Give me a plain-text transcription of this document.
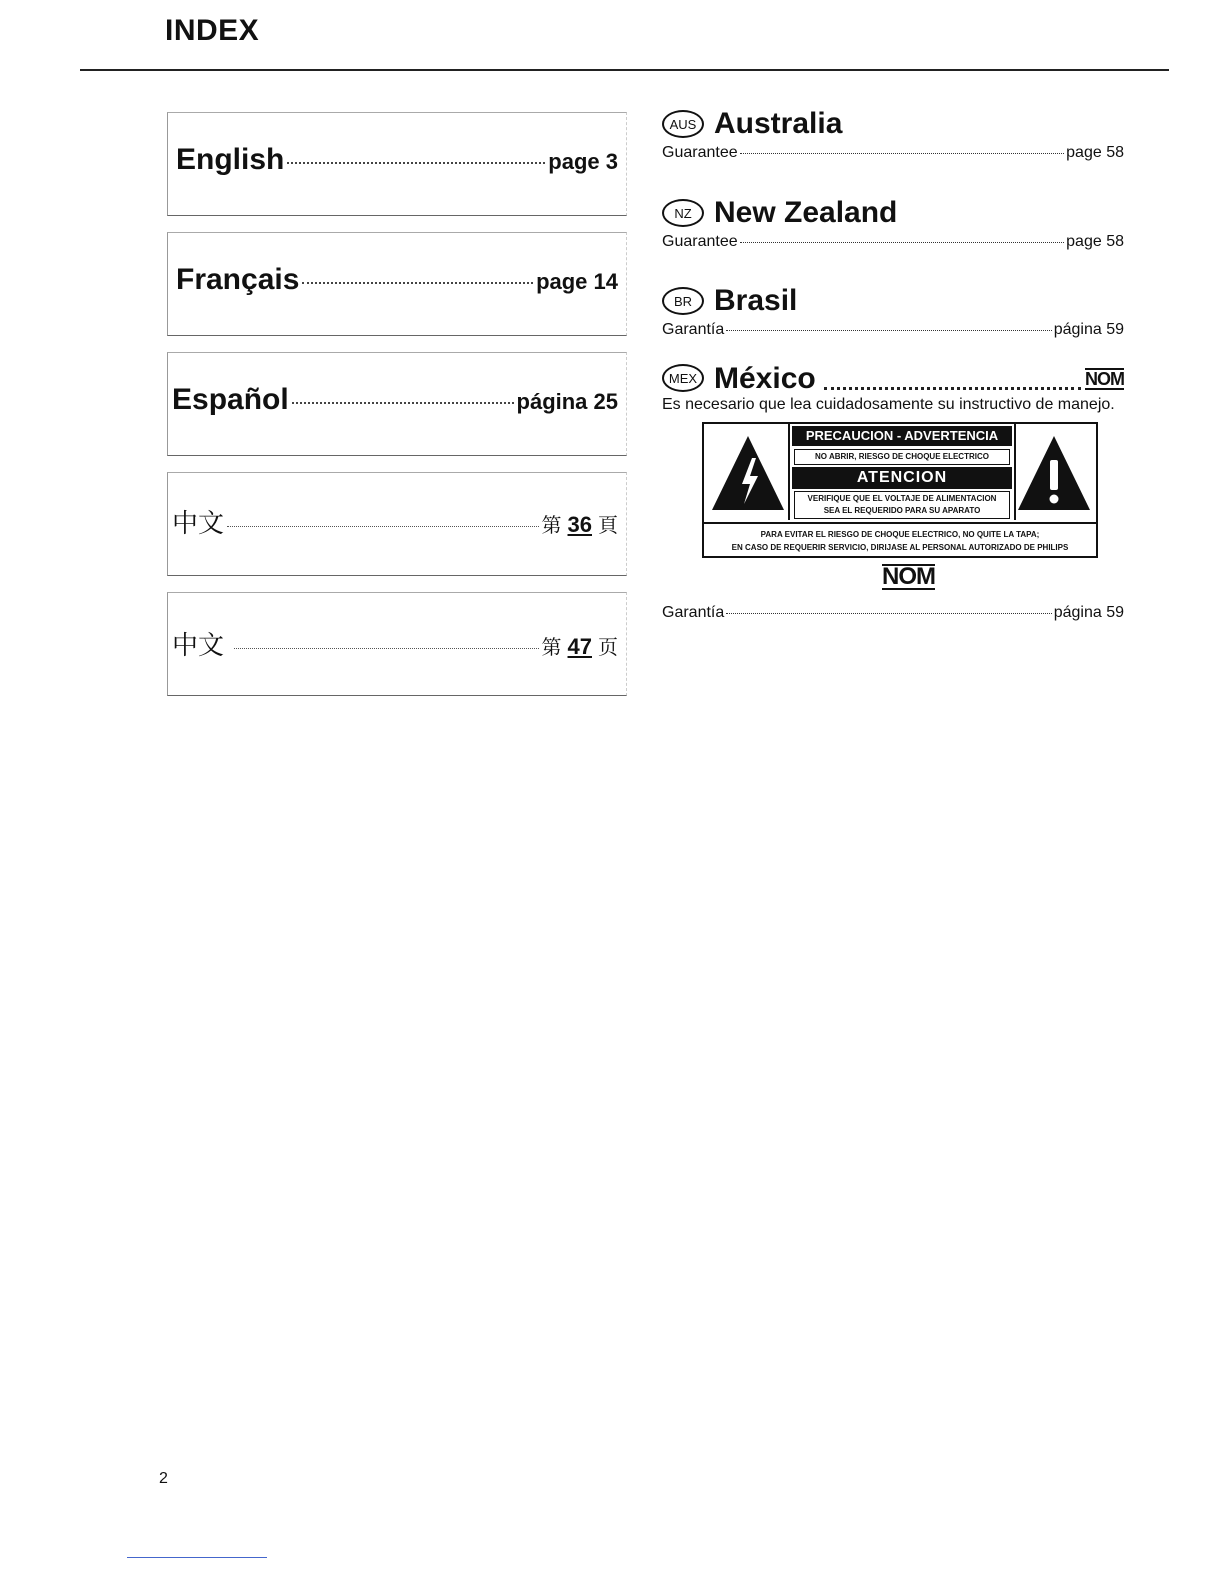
INDEX
English	page 3
Français	page 14
Español	página 25
中文	第 36 頁
中文	第 47 页
AUS Australia
Guarantee	page 58
NZ New Zealand
Guarantee	page 58
BR Brasil
Garantía	página 59
MEX México	NOM
Es necesario que lea cuidadosamente su instructivo de manejo.
PRECAUCION - ADVERTENCIA
NO ABRIR, RIESGO DE CHOQUE ELECTRICO
ATENCION
VERIFIQUE QUE EL VOLTAJE DE ALIMENTACION
SEA EL REQUERIDO PARA SU APARATO
PARA EVITAR EL RIESGO DE CHOQUE ELECTRICO, NO QUITE LA TAPA;
EN CASO DE REQUERIR SERVICIO, DIRIJASE AL PERSONAL AUTORIZADO DE PHILIPS
NOM
Garantía	página 59
2
